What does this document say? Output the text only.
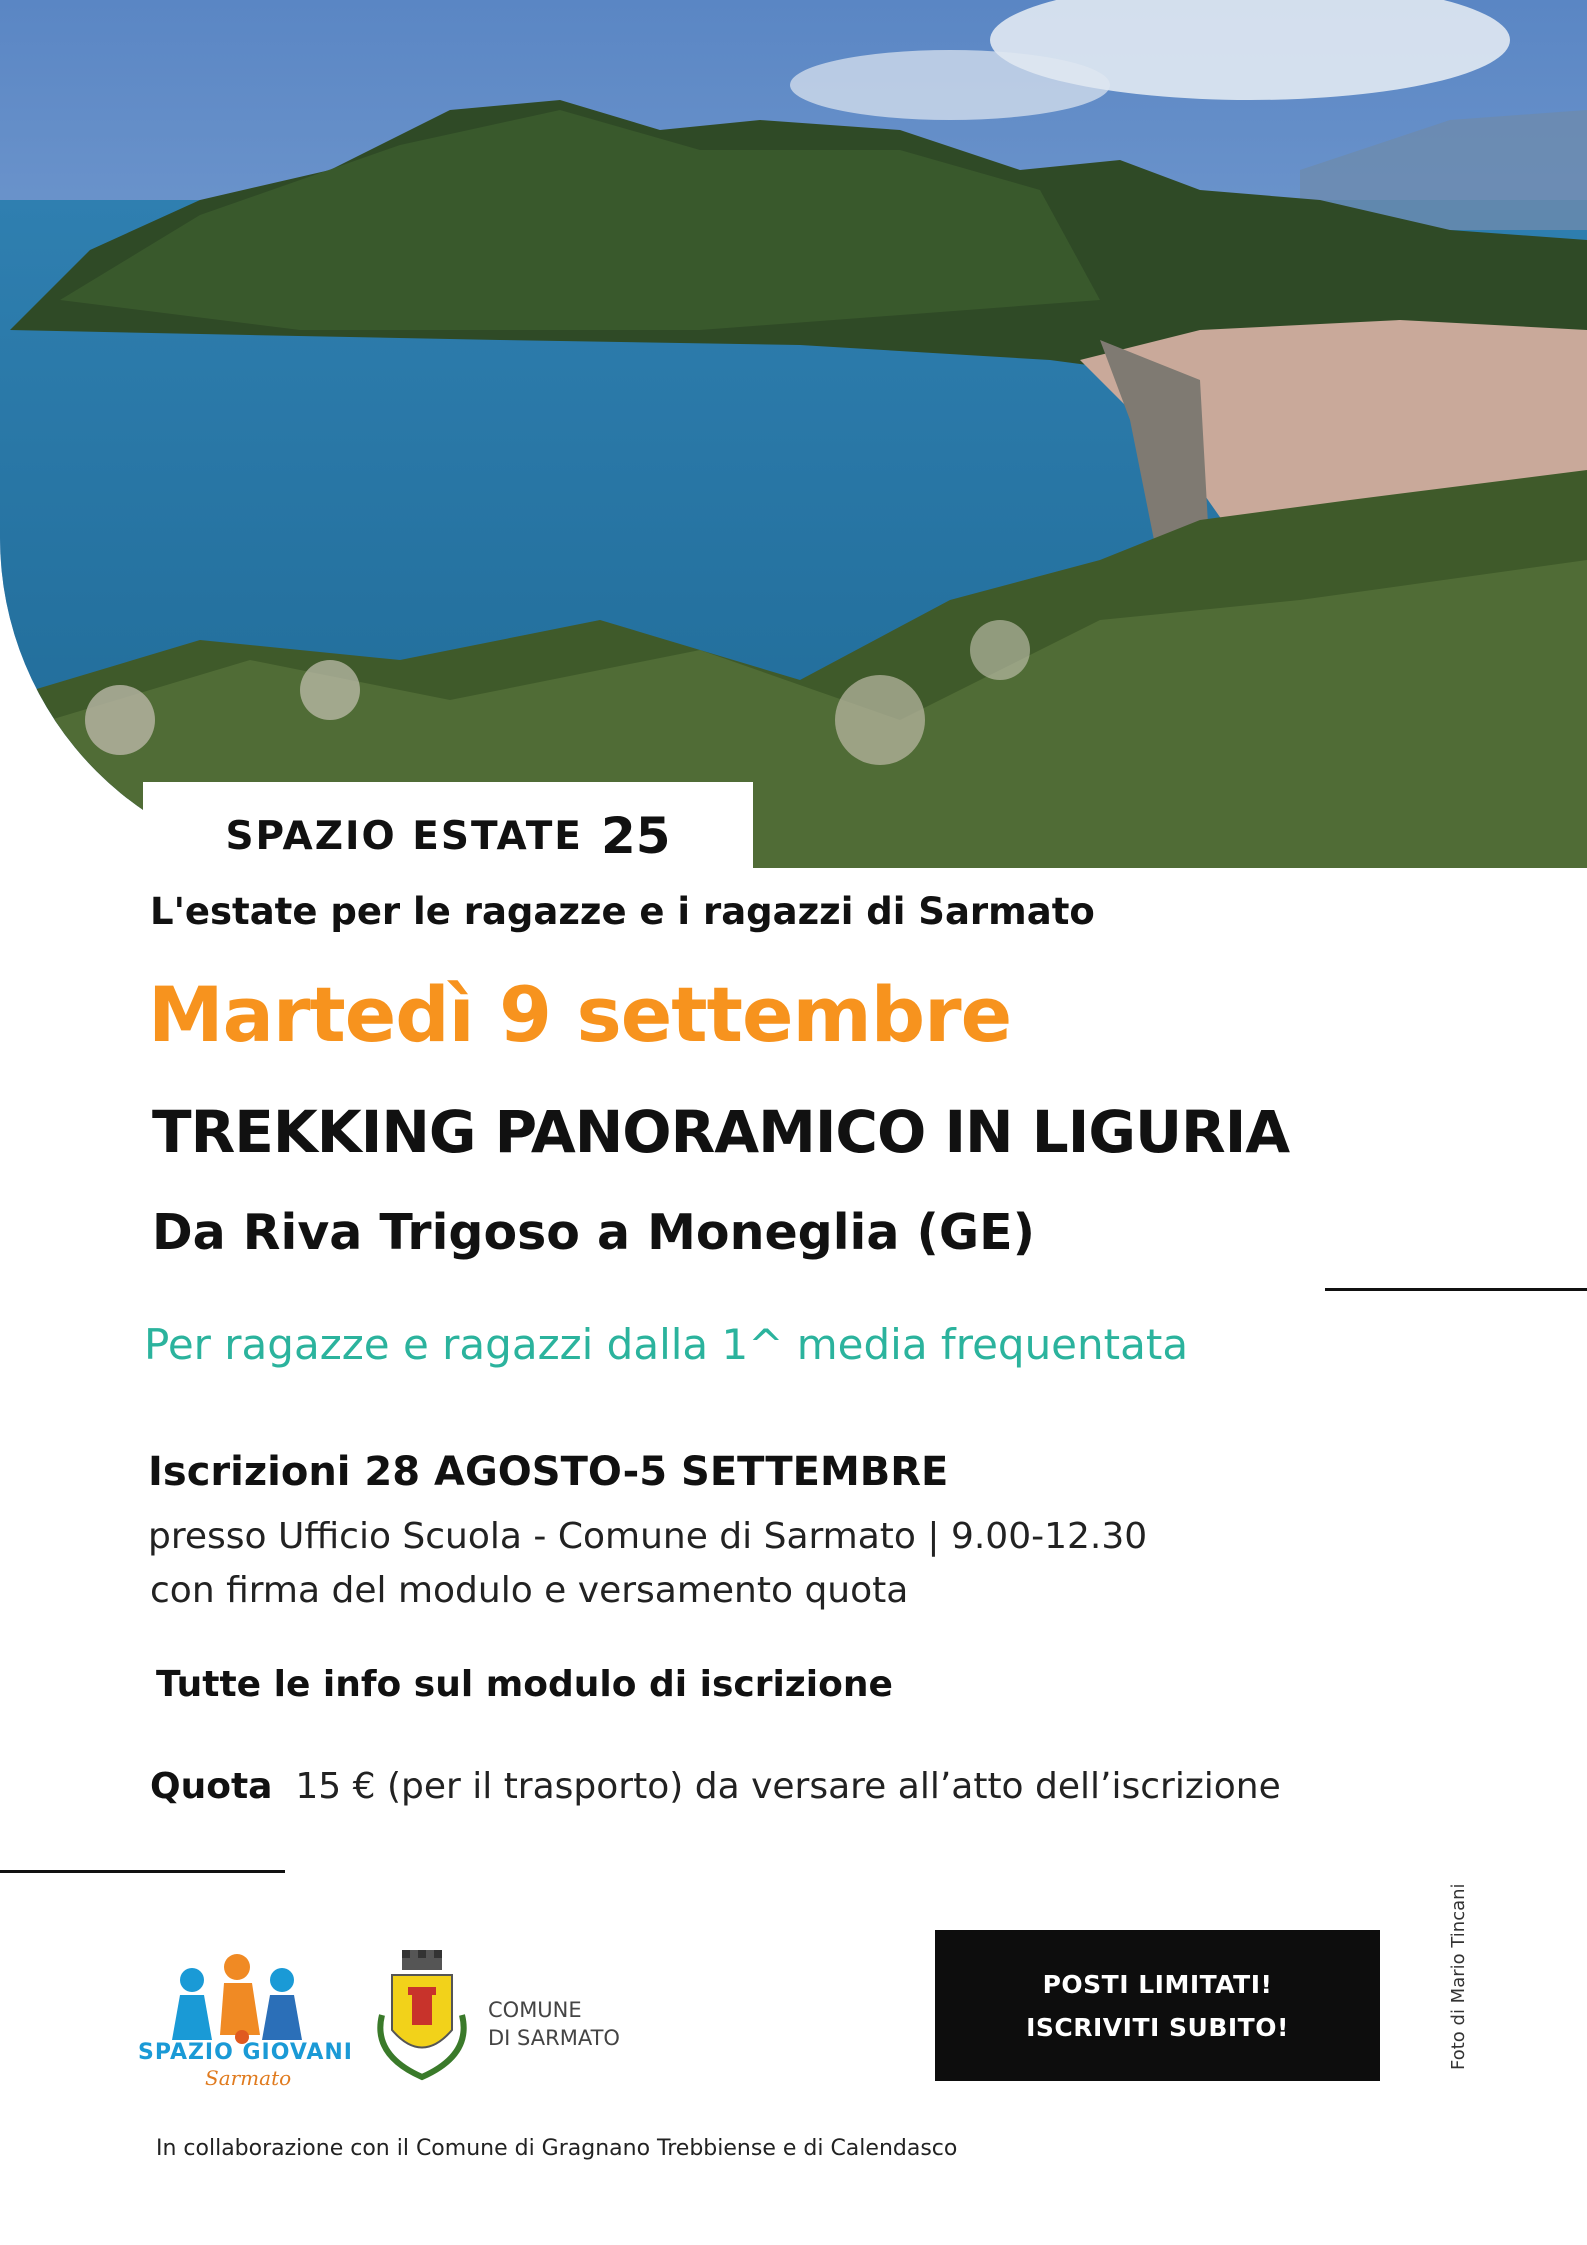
SPAZIO ESTATE 25
L'estate per le ragazze e i ragazzi di Sarmato
Martedì 9 settembre
TREKKING PANORAMICO IN LIGURIA
Da Riva Trigoso a Moneglia (GE)
Per ragazze e ragazzi dalla 1^ media frequentata
Iscrizioni 28 AGOSTO-5 SETTEMBRE
presso Ufficio Scuola - Comune di Sarmato | 9.00-12.30
con firma del modulo e versamento quota
Tutte le info sul modulo di iscrizione
Quota 15 € (per il trasporto) da versare all’atto dell’iscrizione
Foto di Mario Tincani
SPAZIO GIOVANI
Sarmato
COMUNE
DI SARMATO
POSTI LIMITATI!
ISCRIVITI SUBITO!
In collaborazione con il Comune di Gragnano Trebbiense e di Calendasco
